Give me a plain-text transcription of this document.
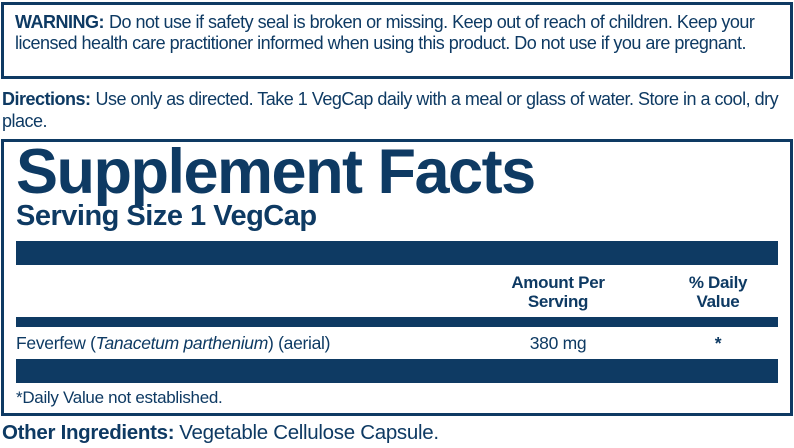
WARNING: Do not use if safety seal is broken or missing. Keep out of reach of children. Keep your licensed health care practitioner informed when using this product. Do not use if you are pregnant.
Directions: Use only as directed. Take 1 VegCap daily with a meal or glass of water. Store in a cool, dry place.
Supplement Facts
Serving Size 1 VegCap
Amount Per
Serving
% Daily
Value
Feverfew (Tanacetum parthenium) (aerial)	380 mg	*
*Daily Value not established.
Other Ingredients: Vegetable Cellulose Capsule.
